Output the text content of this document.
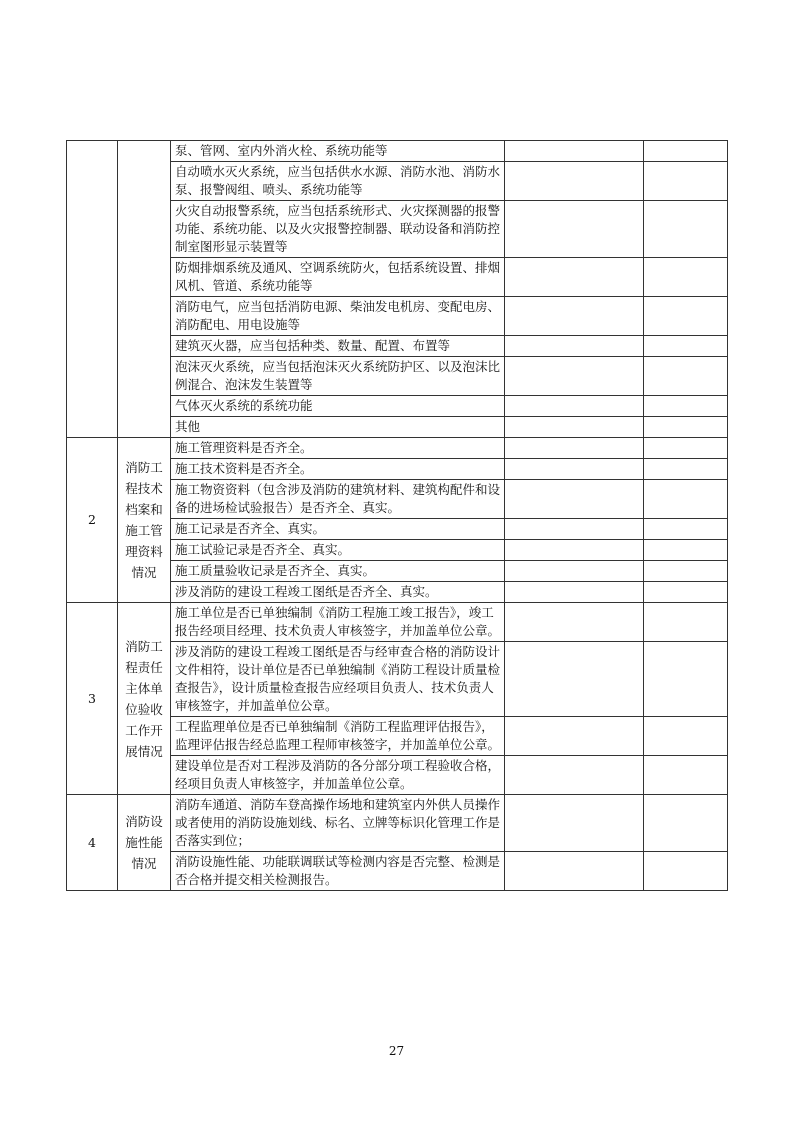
		泵、管网、室内外消火栓、系统功能等		
		自动喷水灭火系统，应当包括供水水源、消防水池、消防水泵、报警阀组、喷头、系统功能等		
		火灾自动报警系统，应当包括系统形式、火灾探测器的报警功能、系统功能、以及火灾报警控制器、联动设备和消防控制室图形显示装置等		
		防烟排烟系统及通风、空调系统防火，包括系统设置、排烟风机、管道、系统功能等		
		消防电气，应当包括消防电源、柴油发电机房、变配电房、消防配电、用电设施等		
		建筑灭火器，应当包括种类、数量、配置、布置等		
		泡沫灭火系统，应当包括泡沫灭火系统防护区、以及泡沫比例混合、泡沫发生装置等		
		气体灭火系统的系统功能		
		其他		
2	消防工程技术档案和施工管理资料情况	施工管理资料是否齐全。		
		施工技术资料是否齐全。		
		施工物资资料（包含涉及消防的建筑材料、建筑构配件和设备的进场检试验报告）是否齐全、真实。		
		施工记录是否齐全、真实。		
		施工试验记录是否齐全、真实。		
		施工质量验收记录是否齐全、真实。		
		涉及消防的建设工程竣工图纸是否齐全、真实。		
3	消防工程责任主体单位验收工作开展情况	施工单位是否已单独编制《消防工程施工竣工报告》，竣工报告经项目经理、技术负责人审核签字，并加盖单位公章。		
		涉及消防的建设工程竣工图纸是否与经审查合格的消防设计文件相符，设计单位是否已单独编制《消防工程设计质量检查报告》，设计质量检查报告应经项目负责人、技术负责人审核签字，并加盖单位公章。		
		工程监理单位是否已单独编制《消防工程监理评估报告》，监理评估报告经总监理工程师审核签字，并加盖单位公章。		
		建设单位是否对工程涉及消防的各分部分项工程验收合格，经项目负责人审核签字，并加盖单位公章。		
4	消防设施性能情况	消防车通道、消防车登高操作场地和建筑室内外供人员操作或者使用的消防设施划线、标名、立牌等标识化管理工作是否落实到位；		
		消防设施性能、功能联调联试等检测内容是否完整、检测是否合格并提交相关检测报告。		
27
